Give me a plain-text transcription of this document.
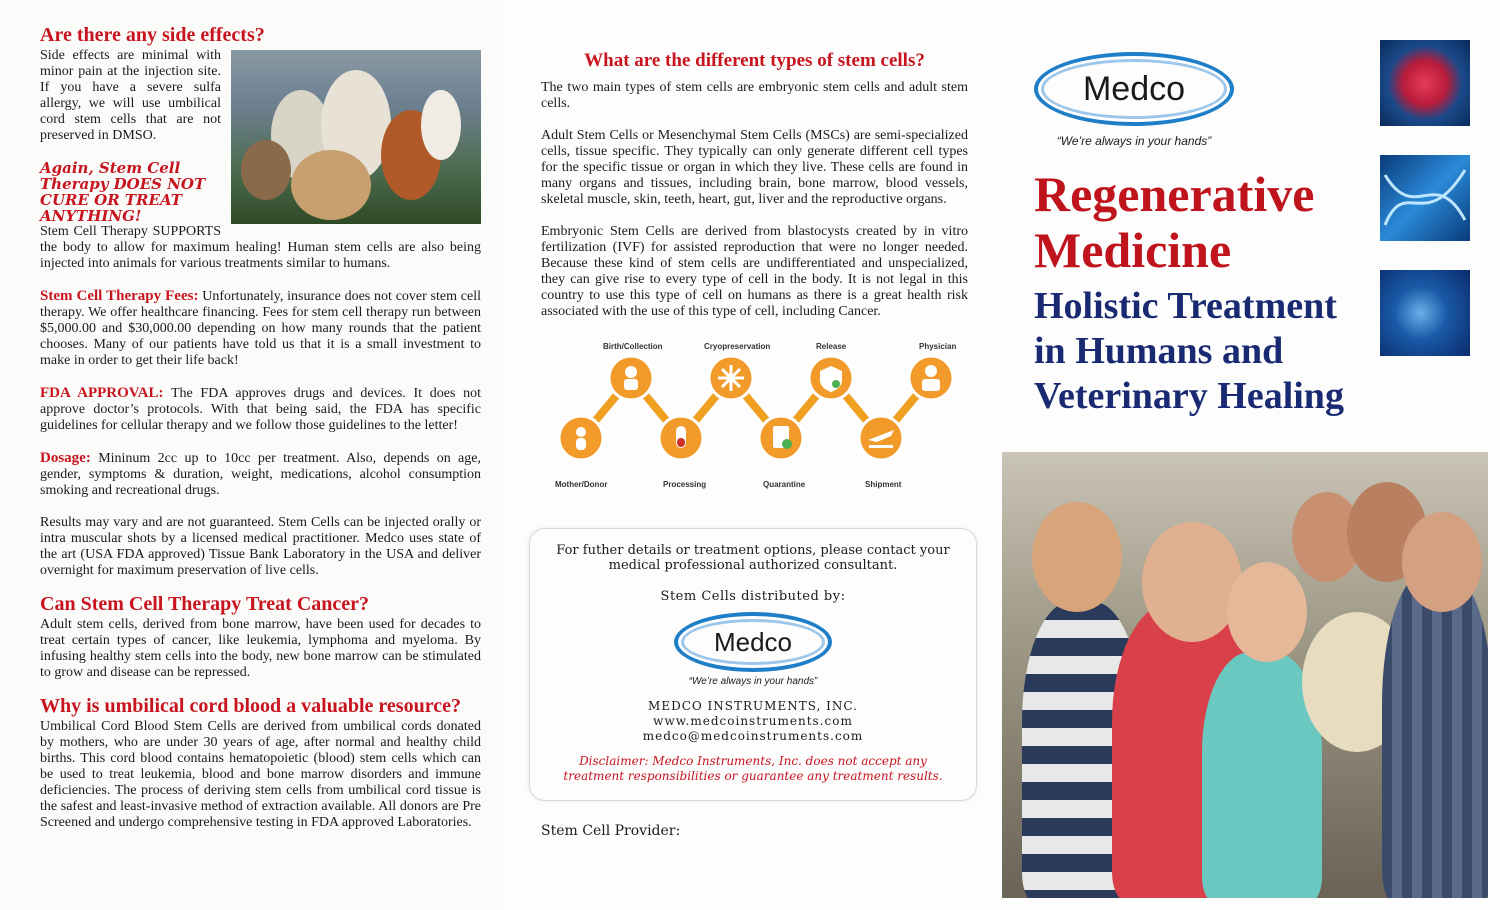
Are there any side effects?

Side effects are minimal with minor pain at the injection site. If you have a severe sulfa allergy, we will use umbilical cord stem cells that are not preserved in DMSO.

Again, Stem Cell Therapy DOES NOT CURE OR TREAT ANYTHING!

Stem Cell Therapy SUPPORTS the body to allow for maximum healing! Human stem cells are also being injected into animals for various treatments similar to humans.

Stem Cell Therapy Fees: Unfortunately, insurance does not cover stem cell therapy. We offer healthcare financing. Fees for stem cell therapy run between $5,000.00 and $30,000.00 depending on how many rounds that the patient chooses. Many of our patients have told us that it is a small investment to make in order to get their life back!

FDA APPROVAL: The FDA approves drugs and devices. It does not approve doctor’s protocols. With that being said, the FDA has specific guidelines for cellular therapy and we follow those guidelines to the letter!

Dosage: Mininum 2cc up to 10cc per treatment. Also, depends on age, gender, symptoms & duration, weight, medications, alcohol consumption smoking and recreational drugs.

Results may vary and are not guaranteed. Stem Cells can be injected orally or intra muscular shots by a licensed medical practitioner. Medco uses state of the art (USA FDA approved) Tissue Bank Laboratory in the USA and deliver overnight for maximum preservation of live cells.

Can Stem Cell Therapy Treat Cancer?

Adult stem cells, derived from bone marrow, have been used for decades to treat certain types of cancer, like leukemia, lymphoma and myeloma. By infusing healthy stem cells into the body, new bone marrow can be stimulated to grow and disease can be repressed.

Why is umbilical cord blood a valuable resource?

Umbilical Cord Blood Stem Cells are derived from umbilical cords donated by mothers, who are under 30 years of age, after normal and healthy child births. This cord blood contains hematopoietic (blood) stem cells which can be used to treat leukemia, blood and bone marrow disorders and immune deficiencies. The process of deriving stem cells from umbilical cord tissue is the safest and least-invasive method of extraction available. All donors are Pre Screened and undergo comprehensive testing in FDA approved Laboratories.

What are the different types of stem cells?

The two main types of stem cells are embryonic stem cells and adult stem cells.

Adult Stem Cells or Mesenchymal Stem Cells (MSCs) are semi-specialized cells, tissue specific. They typically can only generate different cell types for the specific tissue or organ in which they live. These cells are found in many organs and tissues, including brain, bone marrow, blood vessels, skeletal muscle, skin, teeth, heart, gut, liver and the reproductive organs.

Embryonic Stem Cells are derived from blastocysts created by in vitro fertilization (IVF) for assisted reproduction that were no longer needed. Because these kind of stem cells are undifferentiated and unspecialized, they can give rise to every type of cell in the body. It is not legal in this country to use this type of cell on humans as there is a great health risk associated with the use of this type of cell, including Cancer.

Birth/Collection	Cryopreservation	Release	Physician
Mother/Donor	Processing	Quarantine	Shipment
For futher details or treatment options, please contact your medical professional authorized consultant.
Stem Cells distributed by:
Medco
“We’re always in your hands”
MEDCO INSTRUMENTS, INC.
www.medcoinstruments.com
medco@medcoinstruments.com
Disclaimer: Medco Instruments, Inc. does not accept any treatment responsibilities or guarantee any treatment results.
Stem Cell Provider:
Medco
“We’re always in your hands”
Regenerative
Medicine
Holistic Treatment
in Humans and
Veterinary Healing
